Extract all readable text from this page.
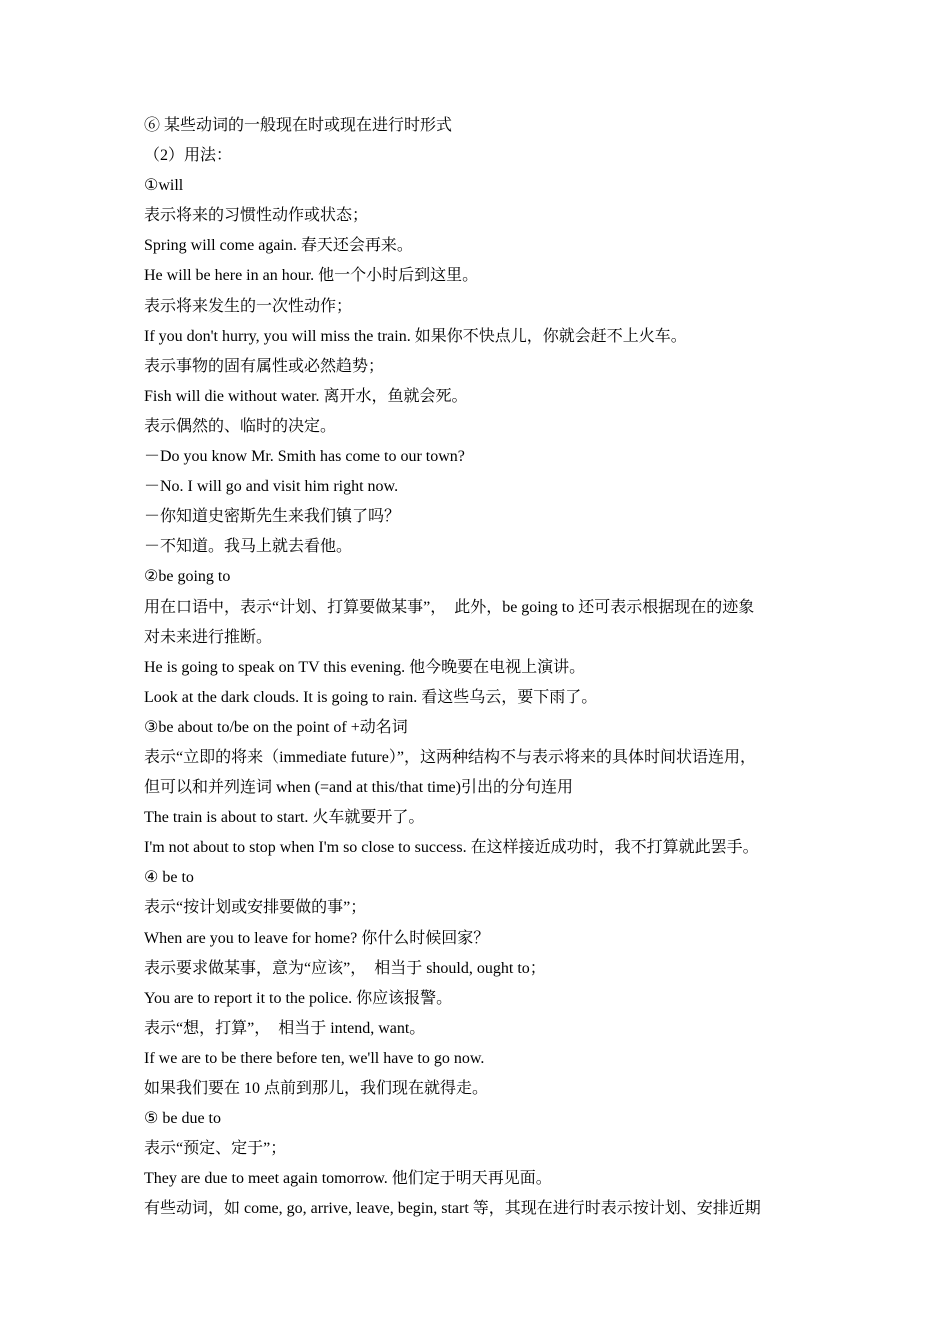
⑥ 某些动词的一般现在时或现在进行时形式

（2）用法：

①will

表示将来的习惯性动作或状态；

Spring will come again. 春天还会再来。

He will be here in an hour. 他一个小时后到这里。

表示将来发生的一次性动作；

If you don't hurry, you will miss the train. 如果你不快点儿，你就会赶不上火车。

表示事物的固有属性或必然趋势；

Fish will die without water. 离开水，鱼就会死。

表示偶然的、临时的决定。

－Do you know Mr. Smith has come to our town?

－No. I will go and visit him right now.

－你知道史密斯先生来我们镇了吗？

－不知道。我马上就去看他。

②be going to

用在口语中，表示“计划、打算要做某事”，　此外，be going to 还可表示根据现在的迹象

对未来进行推断。

He is going to speak on TV this evening. 他今晚要在电视上演讲。

Look at the dark clouds. It is going to rain. 看这些乌云，要下雨了。

③be about to/be on the point of +动名词

表示“立即的将来（immediate future）”，这两种结构不与表示将来的具体时间状语连用，

但可以和并列连词 when (=and at this/that time)引出的分句连用

The train is about to start. 火车就要开了。

I'm not about to stop when I'm so close to success. 在这样接近成功时，我不打算就此罢手。

④ be to

表示“按计划或安排要做的事”；

When are you to leave for home? 你什么时候回家？

表示要求做某事，意为“应该”，　相当于 should, ought to；

You are to report it to the police. 你应该报警。

表示“想，打算”，　相当于 intend, want。

If we are to be there before ten, we'll have to go now.

如果我们要在 10 点前到那儿，我们现在就得走。

⑤ be due to

表示“预定、定于”；

They are due to meet again tomorrow. 他们定于明天再见面。

有些动词，如 come, go, arrive, leave, begin, start 等，其现在进行时表示按计划、安排近期
